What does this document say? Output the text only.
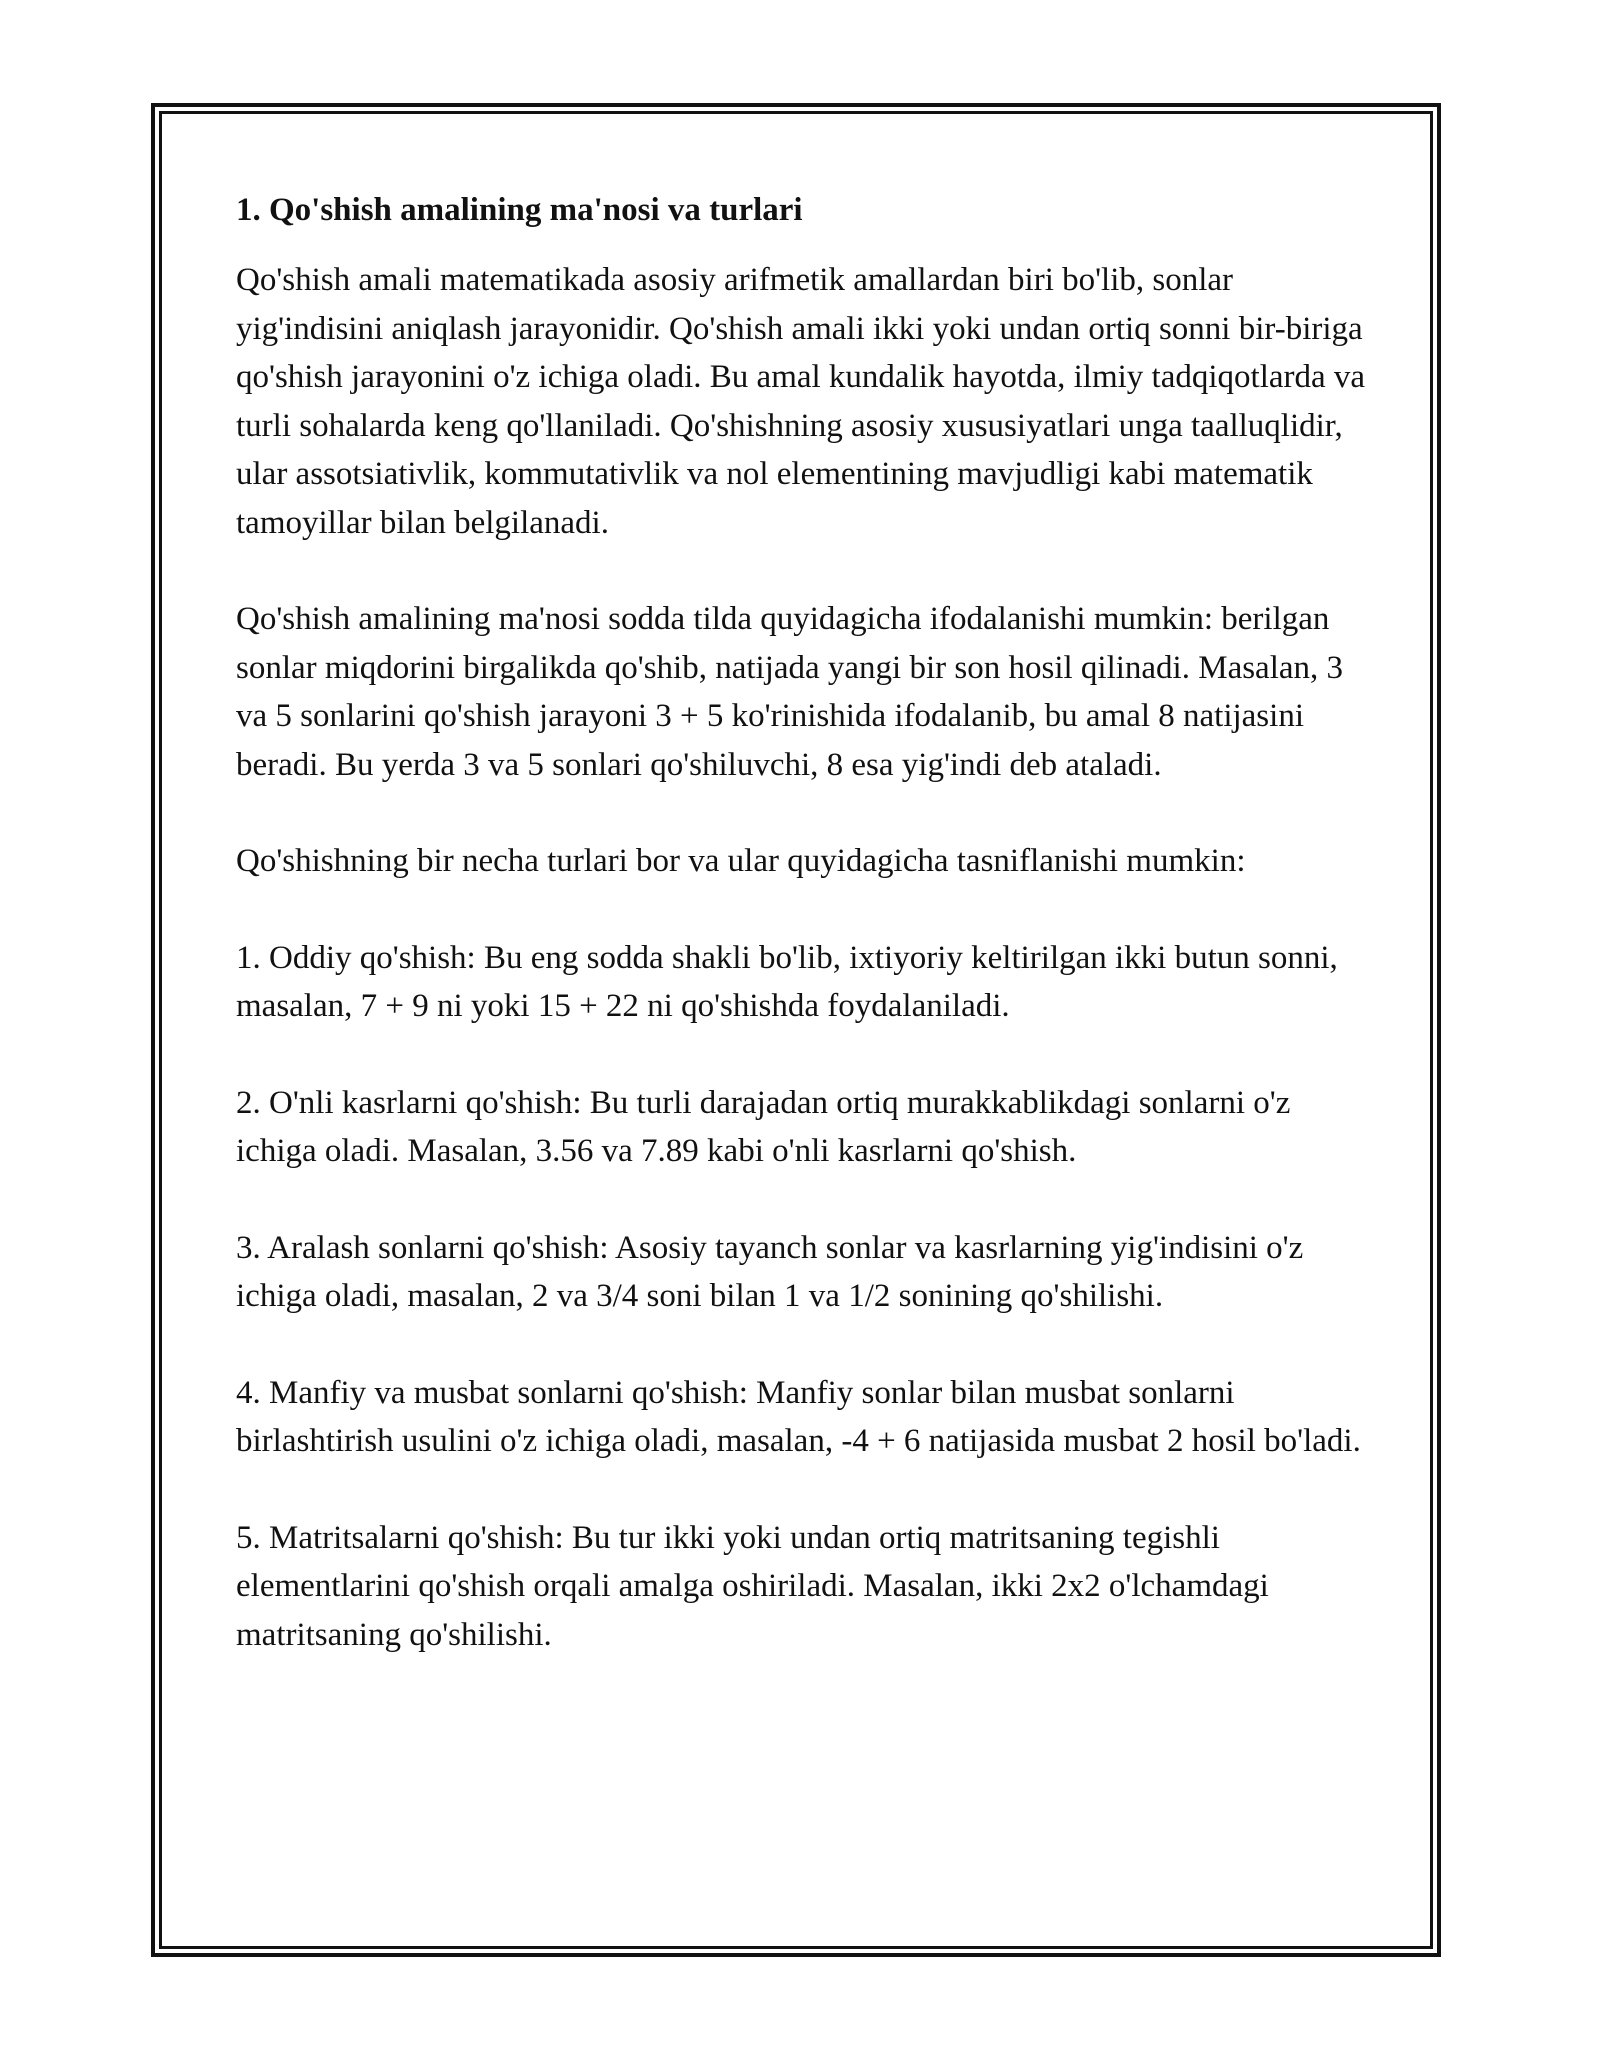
1. Qo'shish amalining ma'nosi va turlari

Qo'shish amali matematikada asosiy arifmetik amallardan biri bo'lib, sonlar yig'indisini aniqlash jarayonidir. Qo'shish amali ikki yoki undan ortiq sonni bir-biriga qo'shish jarayonini o'z ichiga oladi. Bu amal kundalik hayotda, ilmiy tadqiqotlarda va turli sohalarda keng qo'llaniladi. Qo'shishning asosiy xususiyatlari unga taalluqlidir, ular assotsiativlik, kommutativlik va nol elementining mavjudligi kabi matematik tamoyillar bilan belgilanadi.

Qo'shish amalining ma'nosi sodda tilda quyidagicha ifodalanishi mumkin: berilgan sonlar miqdorini birgalikda qo'shib, natijada yangi bir son hosil qilinadi. Masalan, 3 va 5 sonlarini qo'shish jarayoni 3 + 5 ko'rinishida ifodalanib, bu amal 8 natijasini beradi. Bu yerda 3 va 5 sonlari qo'shiluvchi, 8 esa yig'indi deb ataladi.

Qo'shishning bir necha turlari bor va ular quyidagicha tasniflanishi mumkin:

1. Oddiy qo'shish: Bu eng sodda shakli bo'lib, ixtiyoriy keltirilgan ikki butun sonni, masalan, 7 + 9 ni yoki 15 + 22 ni qo'shishda foydalaniladi.

2. O'nli kasrlarni qo'shish: Bu turli darajadan ortiq murakkablikdagi sonlarni o'z ichiga oladi. Masalan, 3.56 va 7.89 kabi o'nli kasrlarni qo'shish.

3. Aralash sonlarni qo'shish: Asosiy tayanch sonlar va kasrlarning yig'indisini o'z ichiga oladi, masalan, 2 va 3/4 soni bilan 1 va 1/2 sonining qo'shilishi.

4. Manfiy va musbat sonlarni qo'shish: Manfiy sonlar bilan musbat sonlarni birlashtirish usulini o'z ichiga oladi, masalan, -4 + 6 natijasida musbat 2 hosil bo'ladi.

5. Matritsalarni qo'shish: Bu tur ikki yoki undan ortiq matritsaning tegishli elementlarini qo'shish orqali amalga oshiriladi. Masalan, ikki 2x2 o'lchamdagi matritsaning qo'shilishi.
